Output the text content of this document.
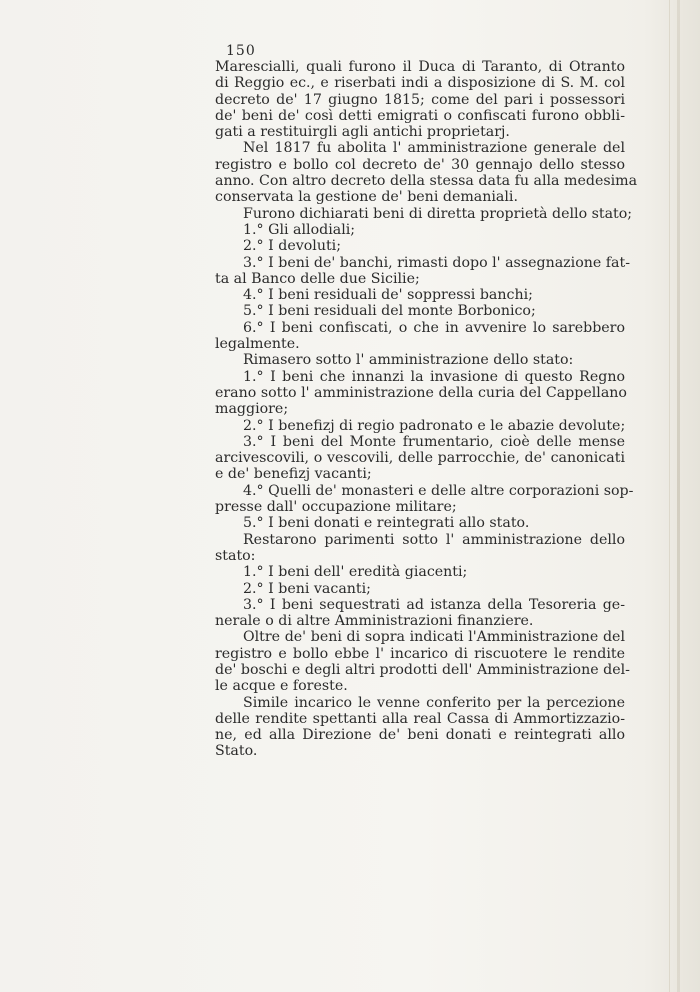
150
Marescialli, quali furono il Duca di Taranto, di Otranto
di Reggio ec., e riserbati indi a disposizione di S. M. col
decreto de' 17 giugno 1815; come del pari i possessori
de' beni de' così detti emigrati o confiscati furono obbli-
gati a restituirgli agli antichi proprietarj.
Nel 1817 fu abolita l' amministrazione generale del
registro e bollo col decreto de' 30 gennajo dello stesso
anno. Con altro decreto della stessa data fu alla medesima
conservata la gestione de' beni demaniali.
Furono dichiarati beni di diretta proprietà dello stato;
1.° Gli allodiali;
2.° I devoluti;
3.° I beni de' banchi, rimasti dopo l' assegnazione fat-
ta al Banco delle due Sicilie;
4.° I beni residuali de' soppressi banchi;
5.° I beni residuali del monte Borbonico;
6.° I beni confiscati, o che in avvenire lo sarebbero
legalmente.
Rimasero sotto l' amministrazione dello stato:
1.° I beni che innanzi la invasione di questo Regno
erano sotto l' amministrazione della curia del Cappellano
maggiore;
2.° I benefizj di regio padronato e le abazie devolute;
3.° I beni del Monte frumentario, cioè delle mense
arcivescovili, o vescovili, delle parrocchie, de' canonicati
e de' benefizj vacanti;
4.° Quelli de' monasteri e delle altre corporazioni sop-
presse dall' occupazione militare;
5.° I beni donati e reintegrati allo stato.
Restarono parimenti sotto l' amministrazione dello
stato:
1.° I beni dell' eredità giacenti;
2.° I beni vacanti;
3.° I beni sequestrati ad istanza della Tesoreria ge-
nerale o di altre Amministrazioni finanziere.
Oltre de' beni di sopra indicati l'Amministrazione del
registro e bollo ebbe l' incarico di riscuotere le rendite
de' boschi e degli altri prodotti dell' Amministrazione del-
le acque e foreste.
Simile incarico le venne conferito per la percezione
delle rendite spettanti alla real Cassa di Ammortizzazio-
ne, ed alla Direzione de' beni donati e reintegrati allo
Stato.
